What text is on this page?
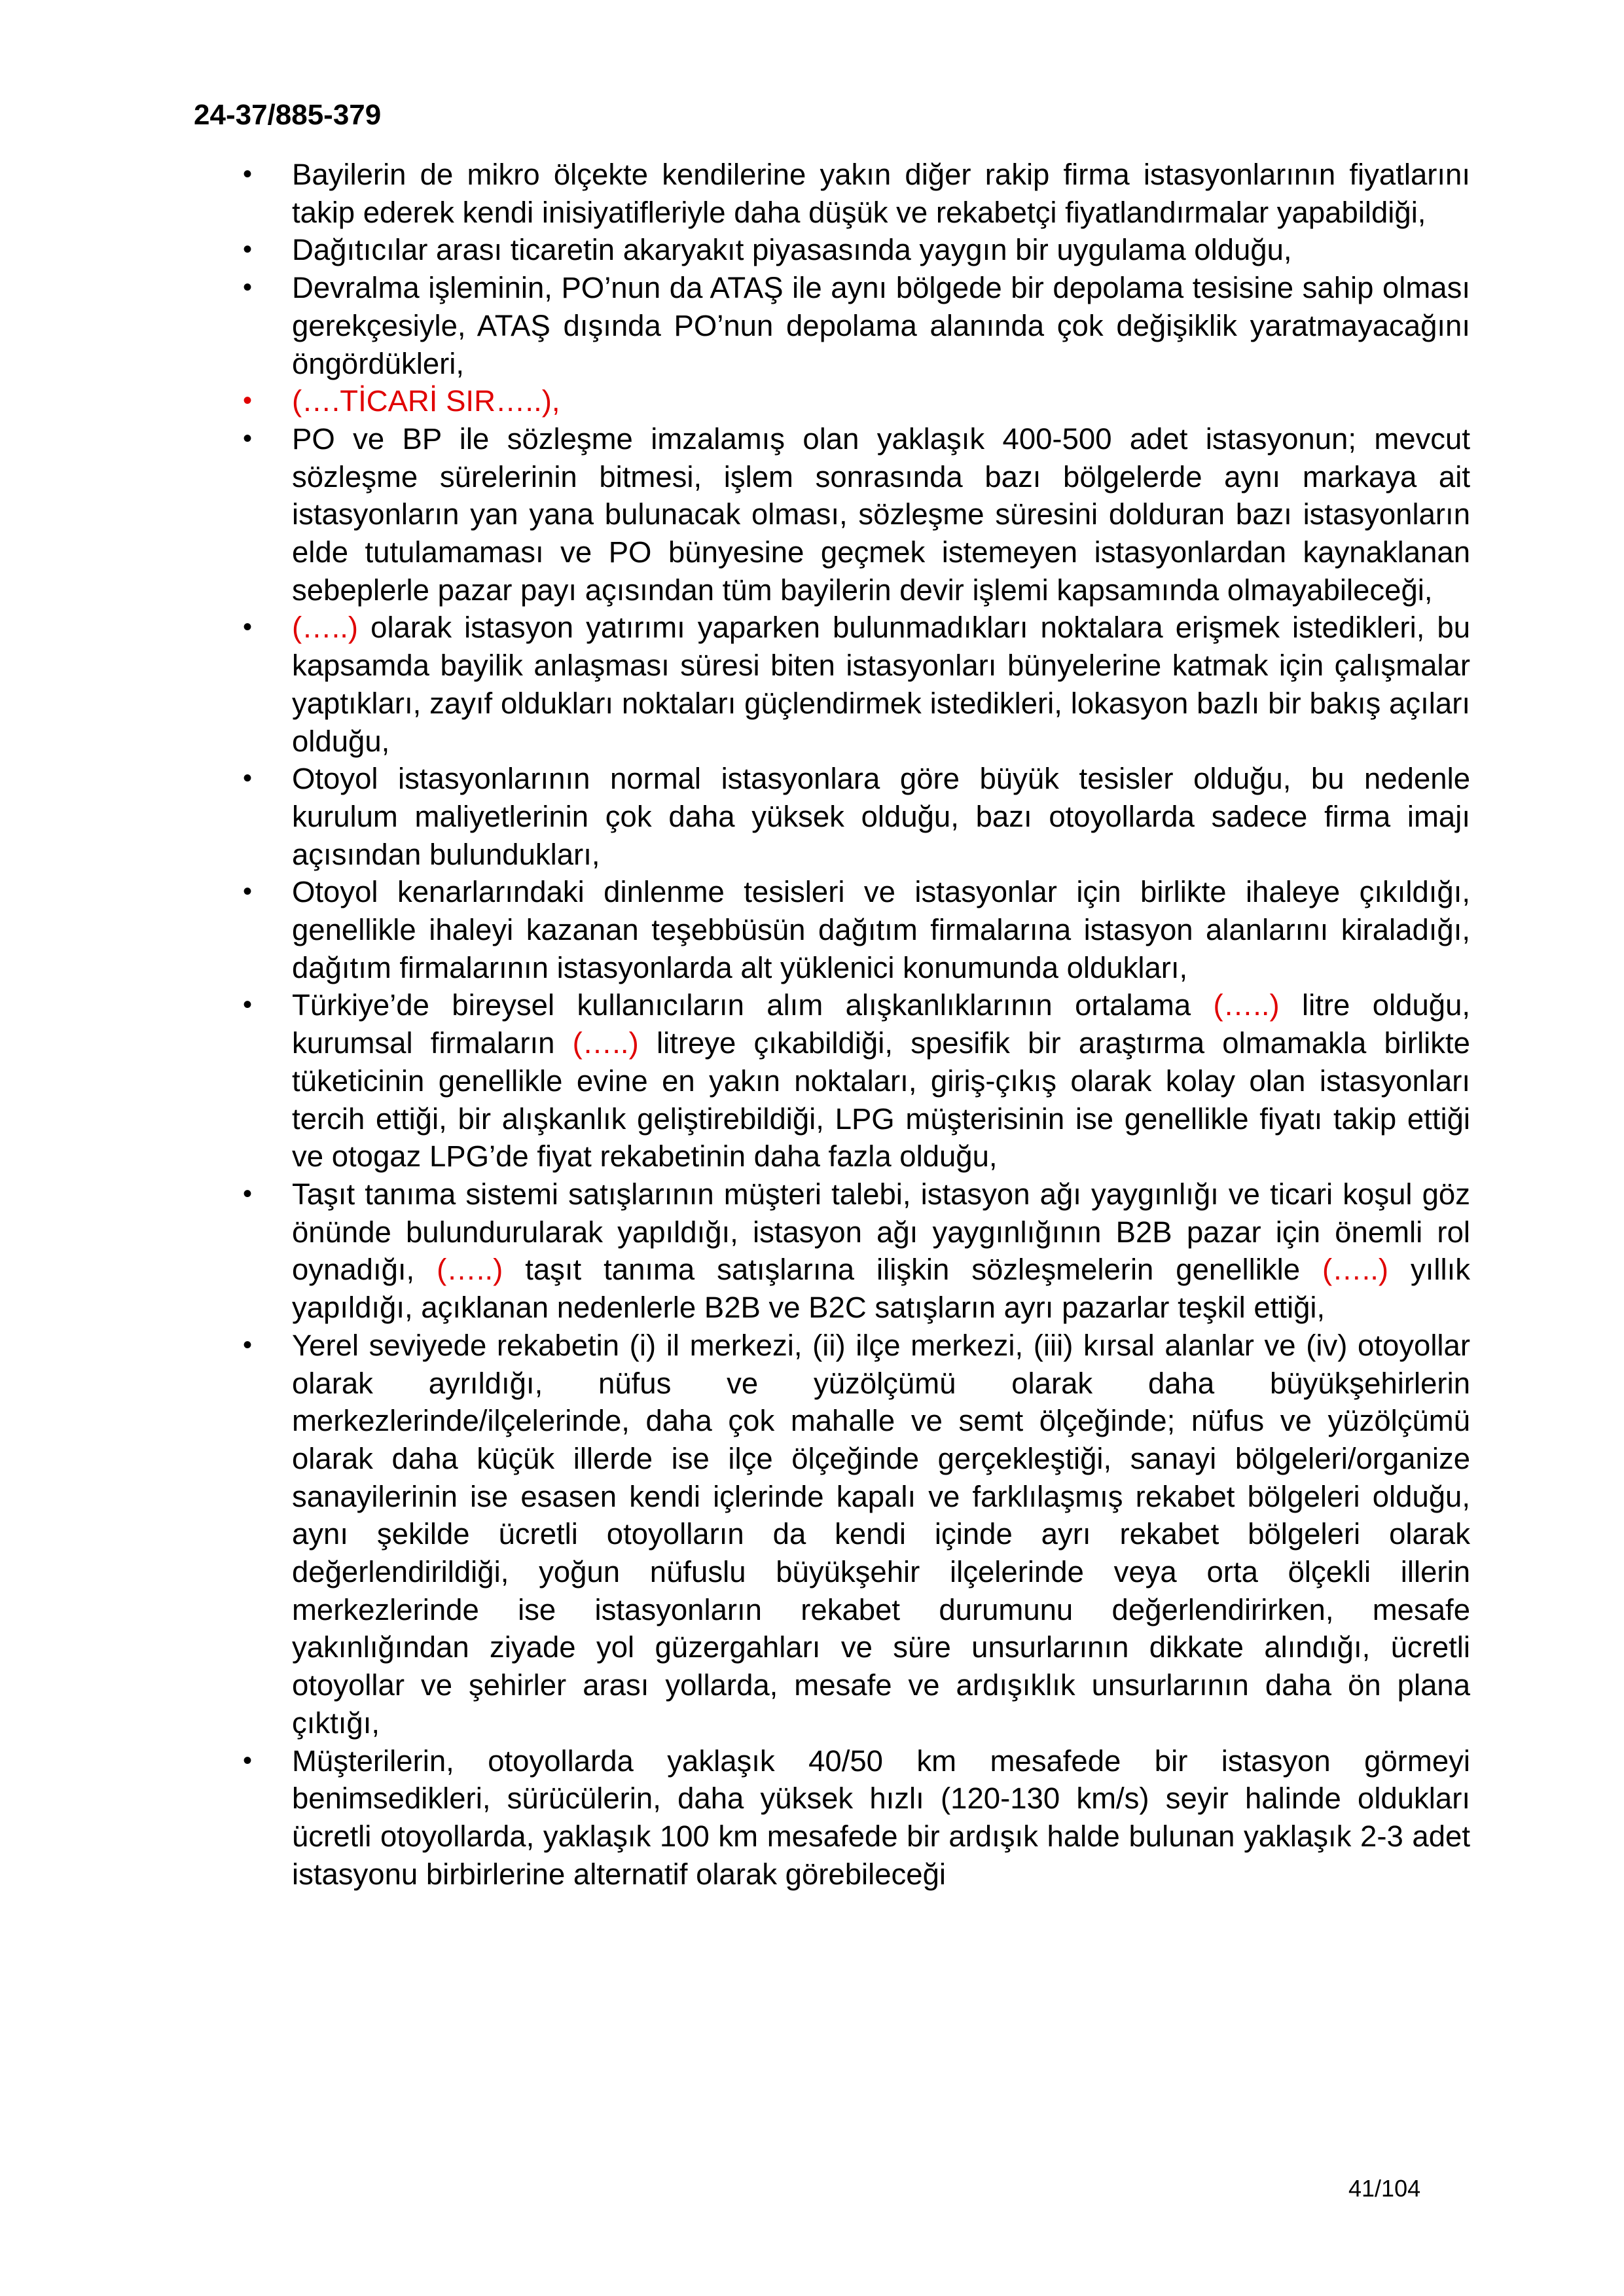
24-37/885-379

• Bayilerin de mikro ölçekte kendilerine yakın diğer rakip firma istasyonlarının fiyatlarını takip ederek kendi inisiyatifleriyle daha düşük ve rekabetçi fiyatlandırmalar yapabildiği,
• Dağıtıcılar arası ticaretin akaryakıt piyasasında yaygın bir uygulama olduğu,
• Devralma işleminin, PO’nun da ATAŞ ile aynı bölgede bir depolama tesisine sahip olması gerekçesiyle, ATAŞ dışında PO’nun depolama alanında çok değişiklik yaratmayacağını öngördükleri,
• (….TİCARİ SIR…..),
• PO ve BP ile sözleşme imzalamış olan yaklaşık 400-500 adet istasyonun; mevcut sözleşme sürelerinin bitmesi, işlem sonrasında bazı bölgelerde aynı markaya ait istasyonların yan yana bulunacak olması, sözleşme süresini dolduran bazı istasyonların elde tutulamaması ve PO bünyesine geçmek istemeyen istasyonlardan kaynaklanan sebeplerle pazar payı açısından tüm bayilerin devir işlemi kapsamında olmayabileceği,
• (…..) olarak istasyon yatırımı yaparken bulunmadıkları noktalara erişmek istedikleri, bu kapsamda bayilik anlaşması süresi biten istasyonları bünyelerine katmak için çalışmalar yaptıkları, zayıf oldukları noktaları güçlendirmek istedikleri, lokasyon bazlı bir bakış açıları olduğu,
• Otoyol istasyonlarının normal istasyonlara göre büyük tesisler olduğu, bu nedenle kurulum maliyetlerinin çok daha yüksek olduğu, bazı otoyollarda sadece firma imajı açısından bulundukları,
• Otoyol kenarlarındaki dinlenme tesisleri ve istasyonlar için birlikte ihaleye çıkıldığı, genellikle ihaleyi kazanan teşebbüsün dağıtım firmalarına istasyon alanlarını kiraladığı, dağıtım firmalarının istasyonlarda alt yüklenici konumunda oldukları,
• Türkiye’de bireysel kullanıcıların alım alışkanlıklarının ortalama (…..) litre olduğu, kurumsal firmaların (…..) litreye çıkabildiği, spesifik bir araştırma olmamakla birlikte tüketicinin genellikle evine en yakın noktaları, giriş-çıkış olarak kolay olan istasyonları tercih ettiği, bir alışkanlık geliştirebildiği, LPG müşterisinin ise genellikle fiyatı takip ettiği ve otogaz LPG’de fiyat rekabetinin daha fazla olduğu,
• Taşıt tanıma sistemi satışlarının müşteri talebi, istasyon ağı yaygınlığı ve ticari koşul göz önünde bulundurularak yapıldığı, istasyon ağı yaygınlığının B2B pazar için önemli rol oynadığı, (…..) taşıt tanıma satışlarına ilişkin sözleşmelerin genellikle (…..) yıllık yapıldığı, açıklanan nedenlerle B2B ve B2C satışların ayrı pazarlar teşkil ettiği,
• Yerel seviyede rekabetin (i) il merkezi, (ii) ilçe merkezi, (iii) kırsal alanlar ve (iv) otoyollar olarak ayrıldığı, nüfus ve yüzölçümü olarak daha büyükşehirlerin merkezlerinde/ilçelerinde, daha çok mahalle ve semt ölçeğinde; nüfus ve yüzölçümü olarak daha küçük illerde ise ilçe ölçeğinde gerçekleştiği, sanayi bölgeleri/organize sanayilerinin ise esasen kendi içlerinde kapalı ve farklılaşmış rekabet bölgeleri olduğu, aynı şekilde ücretli otoyolların da kendi içinde ayrı rekabet bölgeleri olarak değerlendirildiği, yoğun nüfuslu büyükşehir ilçelerinde veya orta ölçekli illerin merkezlerinde ise istasyonların rekabet durumunu değerlendirirken, mesafe yakınlığından ziyade yol güzergahları ve süre unsurlarının dikkate alındığı, ücretli otoyollar ve şehirler arası yollarda, mesafe ve ardışıklık unsurlarının daha ön plana çıktığı,
• Müşterilerin, otoyollarda yaklaşık 40/50 km mesafede bir istasyon görmeyi benimsedikleri, sürücülerin, daha yüksek hızlı (120-130 km/s) seyir halinde oldukları ücretli otoyollarda, yaklaşık 100 km mesafede bir ardışık halde bulunan yaklaşık 2-3 adet istasyonu birbirlerine alternatif olarak görebileceği
41/104
